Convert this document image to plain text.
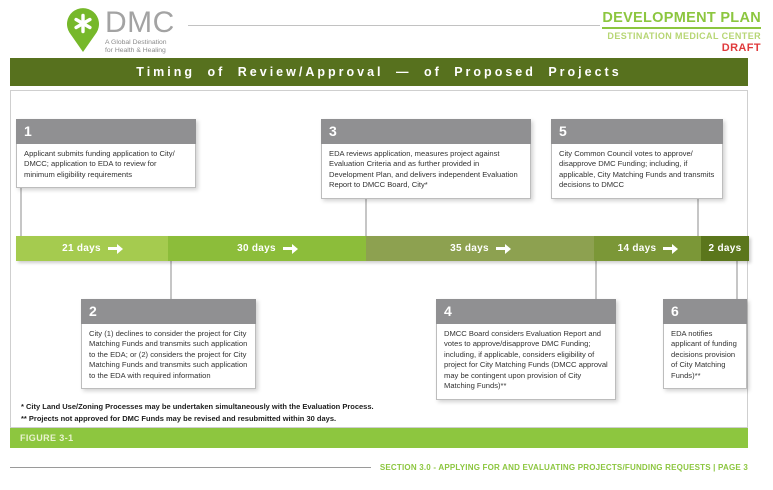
DMC
A Global Destination
for Health & Healing
DEVELOPMENT PLAN
DESTINATION MEDICAL CENTER
DRAFT
Timing of Review/Approval — of Proposed Projects
1
Applicant submits funding application to City/ DMCC; application to EDA to review for minimum eligibility requirements
3
EDA reviews application, measures project against Evaluation Criteria and as further provided in Development Plan, and delivers independent Evaluation Report to DMCC Board, City*
5
City Common Council votes to approve/ disapprove DMC Funding; including, if applicable, City Matching Funds and transmits decisions to DMCC
21 days	30 days	35 days	14 days	2 days
2
City (1) declines to consider the project for City Matching Funds and transmits such application to the EDA; or (2) considers the project for City Matching Funds and transmits such application to the EDA with required information
4
DMCC Board considers Evaluation Report and votes to approve/disapprove DMC Funding; including, if applicable, considers eligibility of project for City Matching Funds (DMCC approval may be contingent upon provision of City Matching Funds)**
6
EDA notifies applicant of funding decisions provision of City Matching Funds)**
* City Land Use/Zoning Processes may be undertaken simultaneously with the Evaluation Process.
** Projects not approved for DMC Funds may be revised and resubmitted within 30 days.
FIGURE 3-1
SECTION 3.0 - APPLYING FOR AND EVALUATING PROJECTS/FUNDING REQUESTS | PAGE 3
